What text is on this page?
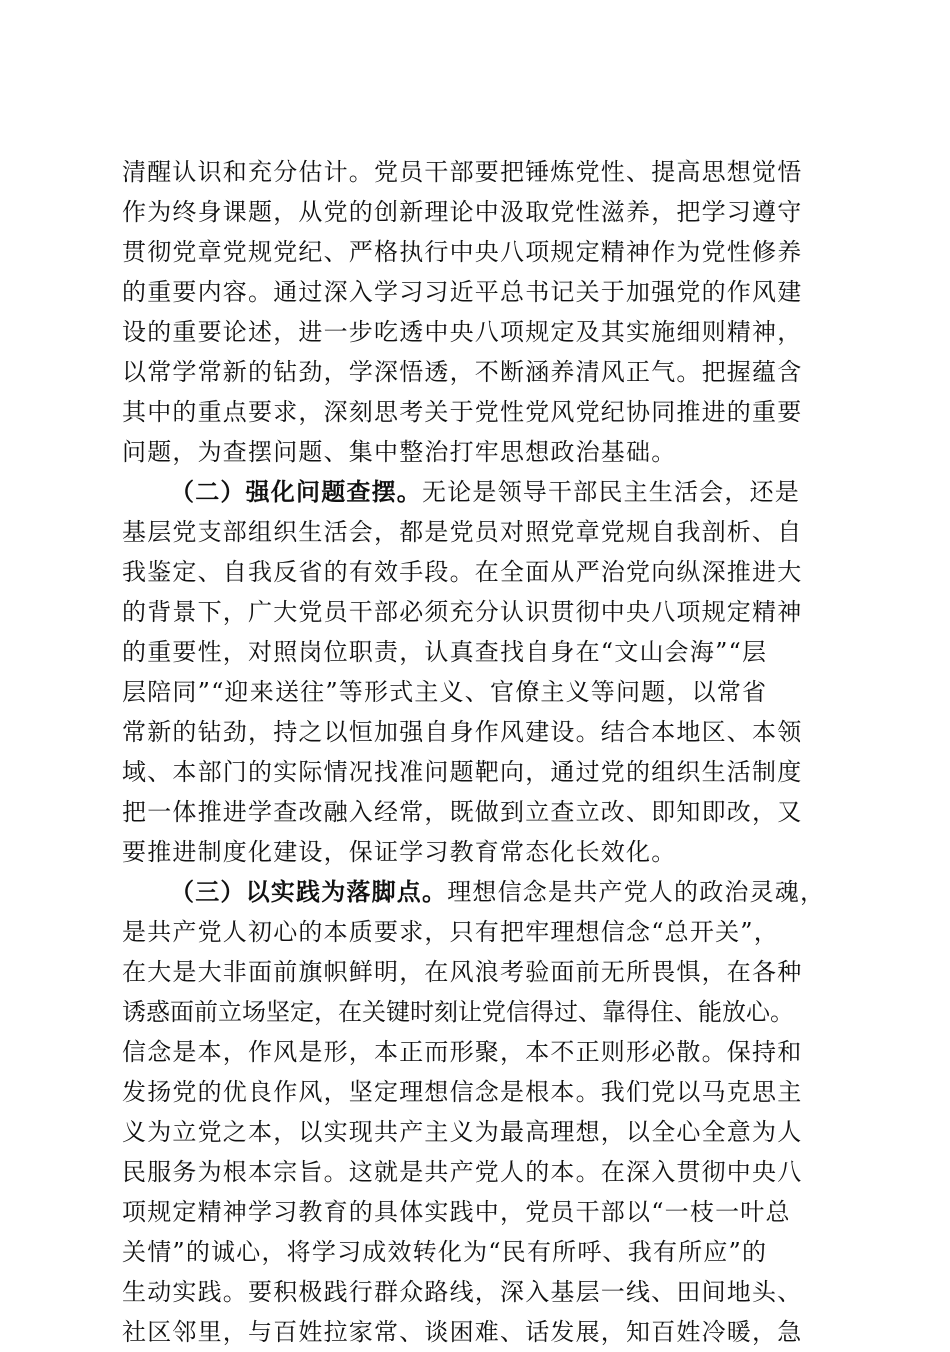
清醒认识和充分估计。党员干部要把锤炼党性、提高思想觉悟
作为终身课题，从党的创新理论中汲取党性滋养，把学习遵守
贯彻党章党规党纪、严格执行中央八项规定精神作为党性修养
的重要内容。通过深入学习习近平总书记关于加强党的作风建
设的重要论述，进一步吃透中央八项规定及其实施细则精神，
以常学常新的钻劲，学深悟透，不断涵养清风正气。把握蕴含
其中的重点要求，深刻思考关于党性党风党纪协同推进的重要
问题，为查摆问题、集中整治打牢思想政治基础。
（二）强化问题查摆。无论是领导干部民主生活会，还是
基层党支部组织生活会，都是党员对照党章党规自我剖析、自
我鉴定、自我反省的有效手段。在全面从严治党向纵深推进大
的背景下，广大党员干部必须充分认识贯彻中央八项规定精神
的重要性，对照岗位职责，认真查找自身在“文山会海”“层
层陪同”“迎来送往”等形式主义、官僚主义等问题，以常省
常新的钻劲，持之以恒加强自身作风建设。结合本地区、本领
域、本部门的实际情况找准问题靶向，通过党的组织生活制度
把一体推进学查改融入经常，既做到立查立改、即知即改，又
要推进制度化建设，保证学习教育常态化长效化。
（三）以实践为落脚点。理想信念是共产党人的政治灵魂，
是共产党人初心的本质要求，只有把牢理想信念“总开关”，
在大是大非面前旗帜鲜明，在风浪考验面前无所畏惧，在各种
诱惑面前立场坚定，在关键时刻让党信得过、靠得住、能放心。
信念是本，作风是形，本正而形聚，本不正则形必散。保持和
发扬党的优良作风，坚定理想信念是根本。我们党以马克思主
义为立党之本，以实现共产主义为最高理想，以全心全意为人
民服务为根本宗旨。这就是共产党人的本。在深入贯彻中央八
项规定精神学习教育的具体实践中，党员干部以“一枝一叶总
关情”的诚心，将学习成效转化为“民有所呼、我有所应”的
生动实践。要积极践行群众路线，深入基层一线、田间地头、
社区邻里，与百姓拉家常、谈困难、话发展，知百姓冷暖，急
